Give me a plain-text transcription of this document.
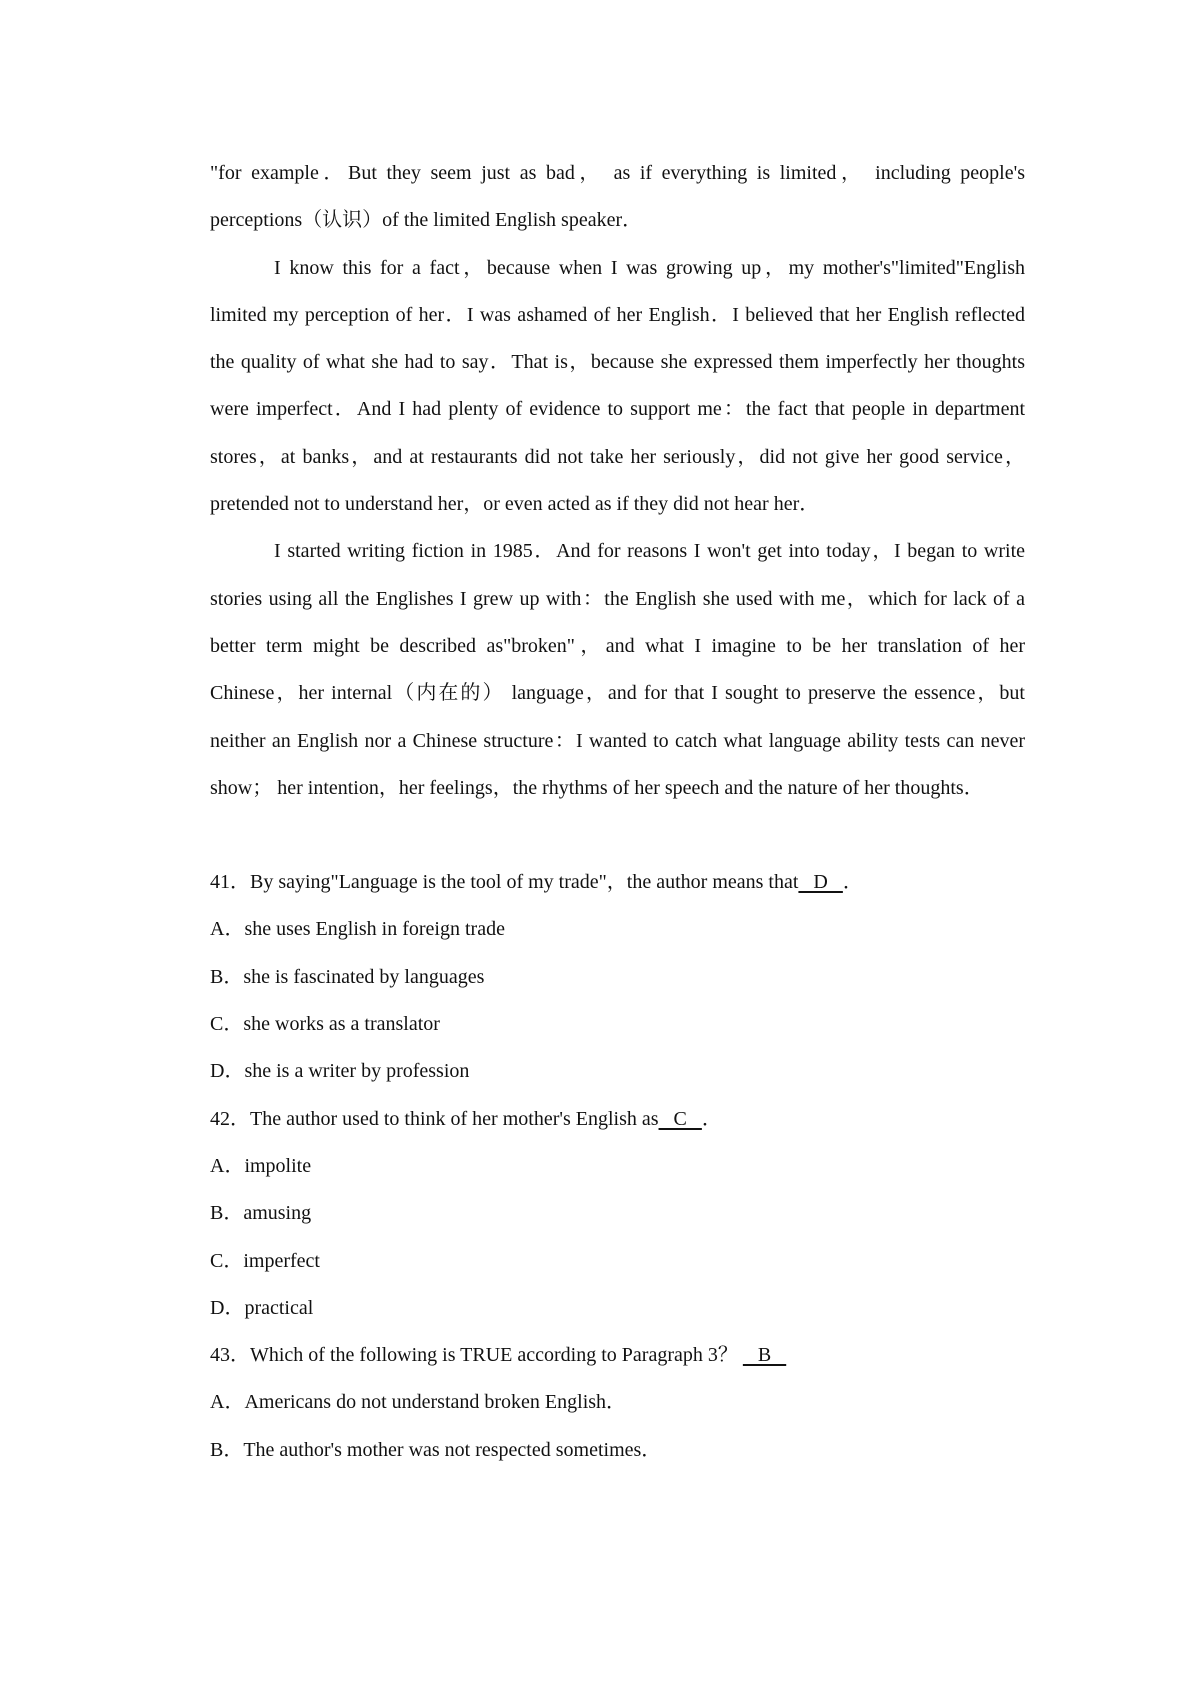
"for example．But they seem just as bad， as if everything is limited， including people's perceptions（认识）of the limited English speaker．

I know this for a fact，because when I was growing up，my mother's"limited"English limited my perception of her．I was ashamed of her English．I believed that her English reflected the quality of what she had to say．That is，because she expressed them imperfectly her thoughts were imperfect．And I had plenty of evidence to support me：the fact that people in department stores，at banks，and at restaurants did not take her seriously，did not give her good service，pretended not to understand her，or even acted as if they did not hear her．

I started writing fiction in 1985．And for reasons I won't get into today，I began to write stories using all the Englishes I grew up with：the English she used with me，which for lack of a better term might be described as"broken"，and what I imagine to be her translation of her Chinese，her internal（内在的） language，and for that I sought to preserve the essence，but neither an English nor a Chinese structure：I wanted to catch what language ability tests can never show； her intention，her feelings，the rhythms of her speech and the nature of her thoughts．

41．By saying"Language is the tool of my trade"，the author means that   D   ．

A．she uses English in foreign trade

B．she is fascinated by languages

C．she works as a translator

D．she is a writer by profession

42．The author used to think of her mother's English as   C   ．

A．impolite

B．amusing

C．imperfect

D．practical

43．Which of the following is TRUE according to Paragraph 3？    B

A．Americans do not understand broken English．

B．The author's mother was not respected sometimes．
